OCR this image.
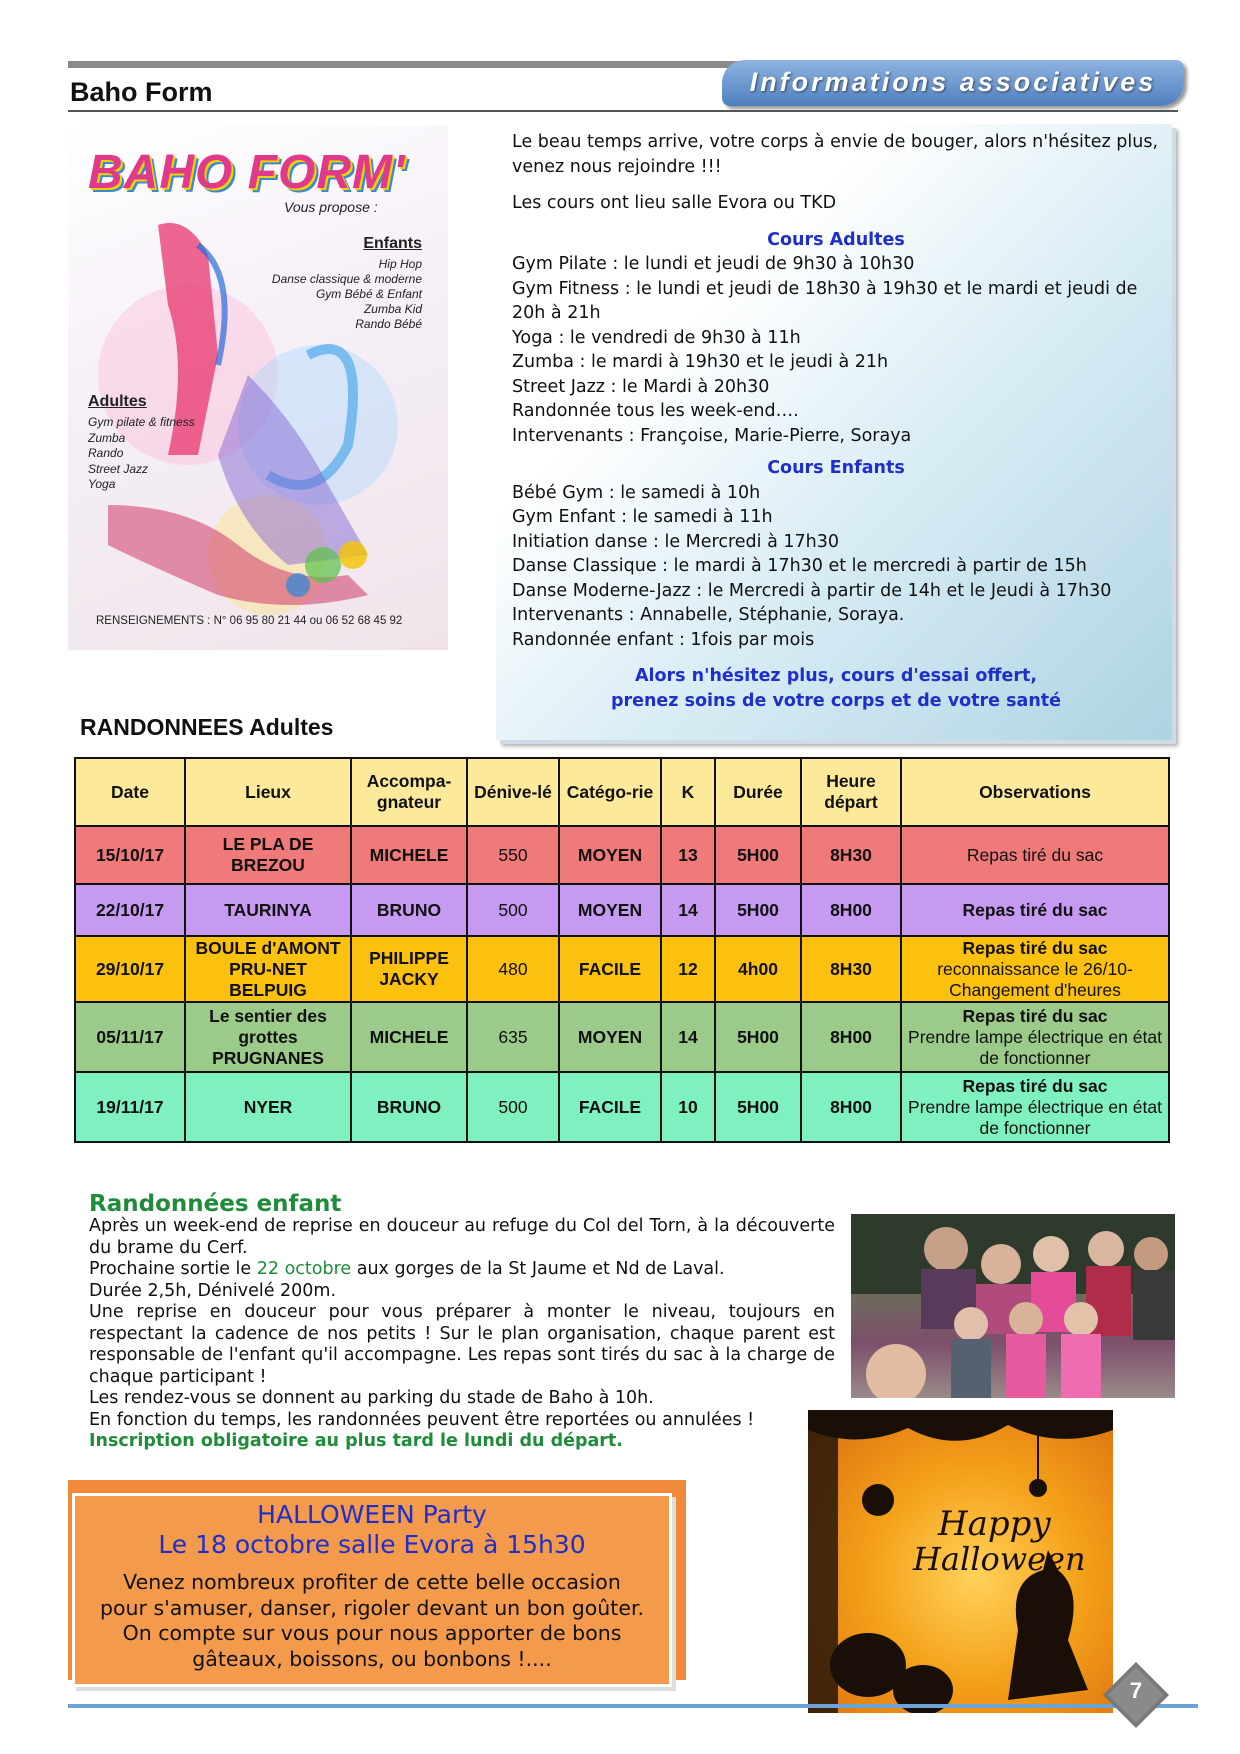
Baho Form	Informations associatives
BAHO FORM'
Vous propose :
Enfants
Hip Hop
Danse classique & moderne
Gym Bébé & Enfant
Zumba Kid
Rando Bébé
Adultes
Gym pilate & fitness
Zumba
Rando
Street Jazz
Yoga
RENSEIGNEMENTS : N° 06 95 80 21 44 ou 06 52 68 45 92

Le beau temps arrive, votre corps à envie de bouger, alors n'hésitez plus, venez nous rejoindre !!!

Les cours ont lieu salle Evora ou TKD

Cours Adultes
Gym Pilate : le lundi et jeudi de 9h30 à 10h30
Gym Fitness : le lundi et jeudi de 18h30 à 19h30 et le mardi et jeudi de 20h à 21h
Yoga : le vendredi de 9h30 à 11h
Zumba : le mardi à 19h30 et le jeudi à 21h
Street Jazz : le Mardi à 20h30
Randonnée tous les week-end….
Intervenants : Françoise, Marie-Pierre, Soraya
Cours Enfants
Bébé Gym : le samedi à 10h
Gym Enfant : le samedi à 11h
Initiation danse : le Mercredi à 17h30
Danse Classique : le mardi à 17h30 et le mercredi à partir de 15h
Danse Moderne-Jazz : le Mercredi à partir de 14h et le Jeudi à 17h30
Intervenants : Annabelle, Stéphanie, Soraya.
Randonnée enfant : 1fois par mois
Alors n'hésitez plus, cours d'essai offert,
prenez soins de votre corps et de votre santé
RANDONNEES Adultes
Date	Lieux	Accompa-gnateur	Dénive-lé	Catégo-rie	K	Durée	Heure départ	Observations
15/10/17	LE PLA DE BREZOU	MICHELE	550	MOYEN	13	5H00	8H30	Repas tiré du sac
22/10/17	TAURINYA	BRUNO	500	MOYEN	14	5H00	8H00	Repas tiré du sac
29/10/17	BOULE d'AMONT PRU-NET BELPUIG	PHILIPPE JACKY	480	FACILE	12	4h00	8H30	Repas tiré du sac
reconnaissance le 26/10-Changement d'heures

05/11/17	Le sentier des grottes PRUGNANES	MICHELE	635	MOYEN	14	5H00	8H00	Repas tiré du sac
Prendre lampe électrique en état de fonctionner

19/11/17	NYER	BRUNO	500	FACILE	10	5H00	8H00	Repas tiré du sac
Prendre lampe électrique en état de fonctionner
Randonnées enfant
Après un week-end de reprise en douceur au refuge du Col del Torn, à la découverte du brame du Cerf.
Prochaine sortie le 22 octobre aux gorges de la St Jaume et Nd de Laval.
Durée 2,5h, Dénivelé 200m.
Une reprise en douceur pour vous préparer à monter le niveau, toujours en respectant la cadence de nos petits ! Sur le plan organisation, chaque parent est responsable de l'enfant qu'il accompagne. Les repas sont tirés du sac à la charge de chaque participant !
Les rendez-vous se donnent au parking du stade de Baho à 10h.
En fonction du temps, les randonnées peuvent être reportées ou annulées !
Inscription obligatoire au plus tard le lundi du départ.
HALLOWEEN Party
Le 18 octobre salle Evora à 15h30
Venez nombreux profiter de cette belle occasion
pour s'amuser, danser, rigoler devant un bon goûter.
On compte sur vous pour nous apporter de bons
gâteaux, boissons, ou bonbons !....
Happy
Halloween
7
